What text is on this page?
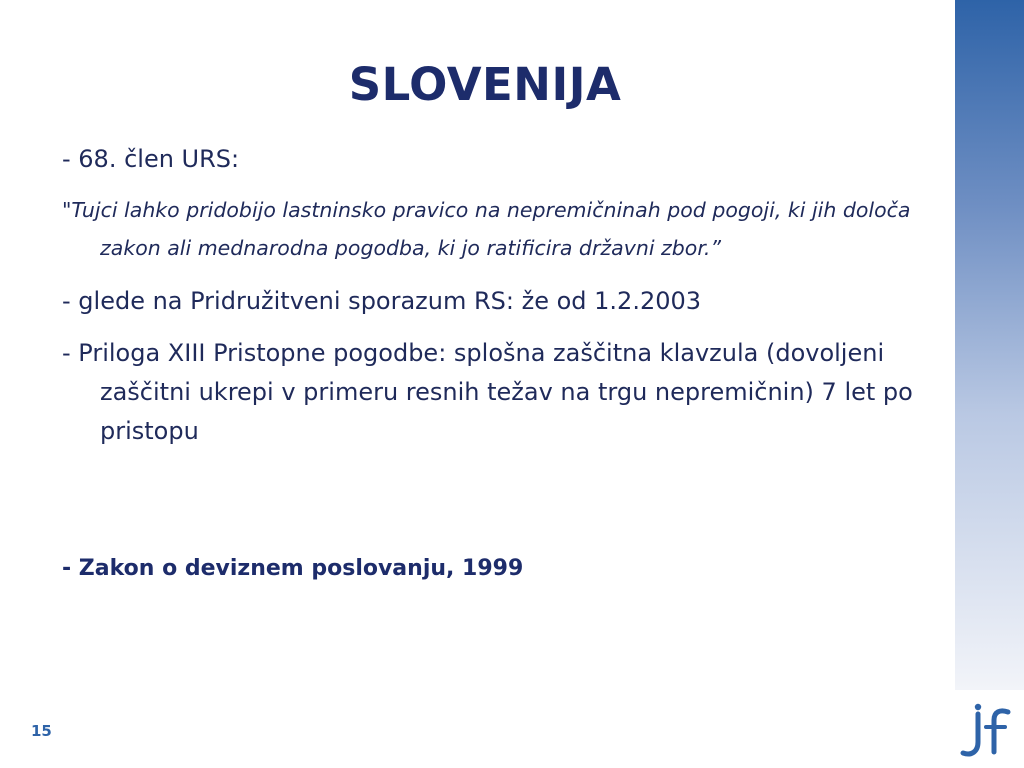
SLOVENIJA

- 68. člen URS:

"Tujci lahko pridobijo lastninsko pravico na nepremičninah pod pogoji, ki jih določa zakon ali mednarodna pogodba, ki jo ratificira državni zbor.”

- glede na Pridružitveni sporazum RS: že od 1.2.2003

- Priloga XIII Pristopne pogodbe: splošna zaščitna klavzula (dovoljeni zaščitni ukrepi v primeru resnih težav na trgu nepremičnin) 7 let po pristopu

- Zakon o deviznem poslovanju, 1999
15
